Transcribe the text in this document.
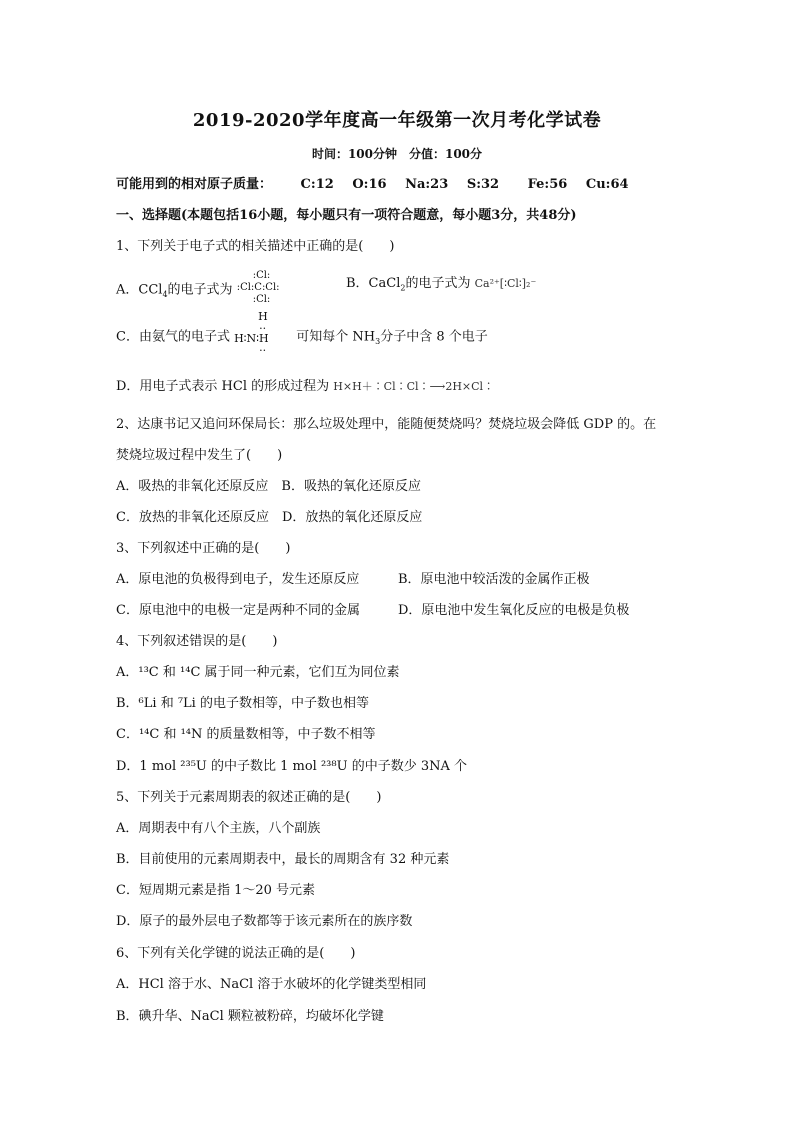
2019-2020学年度高一年级第一次月考化学试卷
时间：100分钟　分值：100分
可能用到的相对原子质量： C:12 O:16 Na:23 S:32 Fe:56 Cu:64
一、选择题(本题包括16小题，每小题只有一项符合题意，每小题3分，共48分)
1、下列关于电子式的相关描述中正确的是(　　)
A．CCl$_4$的电子式为
:Cl:
:Cl:C:Cl:
:Cl:
B．CaCl$_2$的电子式为 Ca²⁺[∶Cl∶]₂⁻
C．由氨气的电子式
H
··
H∶N∶H
··
可知每个 $NH_3$分子中含 8 个电子
D．用电子式表示 HCl 的形成过程为 H×H＋∶Cl∶Cl∶⟶2H×Cl∶
2、达康书记又追问环保局长：那么垃圾处理中，能随便焚烧吗？焚烧垃圾会降低 GDP 的。在
焚烧垃圾过程中发生了(　　)
A．吸热的非氧化还原反应　B．吸热的氧化还原反应
C．放热的非氧化还原反应　D．放热的氧化还原反应
3、下列叙述中正确的是(　　)
A．原电池的负极得到电子，发生还原反应	B．原电池中较活泼的金属作正极
C．原电池中的电极一定是两种不同的金属	D．原电池中发生氧化反应的电极是负极
4、下列叙述错误的是(　　)
A．¹³C 和 ¹⁴C 属于同一种元素，它们互为同位素
B．⁶Li 和 ⁷Li 的电子数相等，中子数也相等
C．¹⁴C 和 ¹⁴N 的质量数相等，中子数不相等
D．1 mol ²³⁵U 的中子数比 1 mol ²³⁸U 的中子数少 3NA 个
5、下列关于元素周期表的叙述正确的是(　　)
A．周期表中有八个主族，八个副族
B．目前使用的元素周期表中，最长的周期含有 32 种元素
C．短周期元素是指 1～20 号元素
D．原子的最外层电子数都等于该元素所在的族序数
6、下列有关化学键的说法正确的是(　　)
A．HCl 溶于水、NaCl 溶于水破坏的化学键类型相同
B．碘升华、NaCl 颗粒被粉碎，均破坏化学键
